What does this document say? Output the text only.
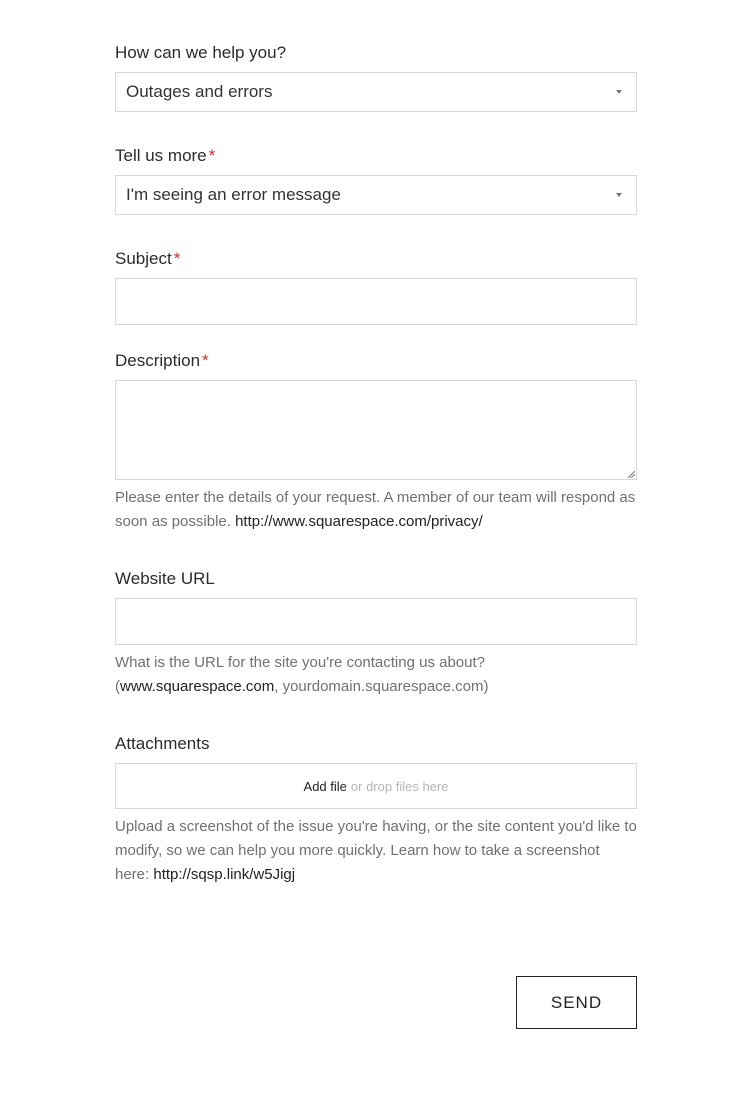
How can we help you?
Outages and errors
Tell us more *
I'm seeing an error message
Subject *
Description *
Please enter the details of your request. A member of our team will respond as soon as possible. http://www.squarespace.com/privacy/
Website URL
What is the URL for the site you're contacting us about?
(www.squarespace.com, yourdomain.squarespace.com)
Attachments
Add file or drop files here
Upload a screenshot of the issue you're having, or the site content you'd like to modify, so we can help you more quickly. Learn how to take a screenshot here: http://sqsp.link/w5Jigj
SEND
